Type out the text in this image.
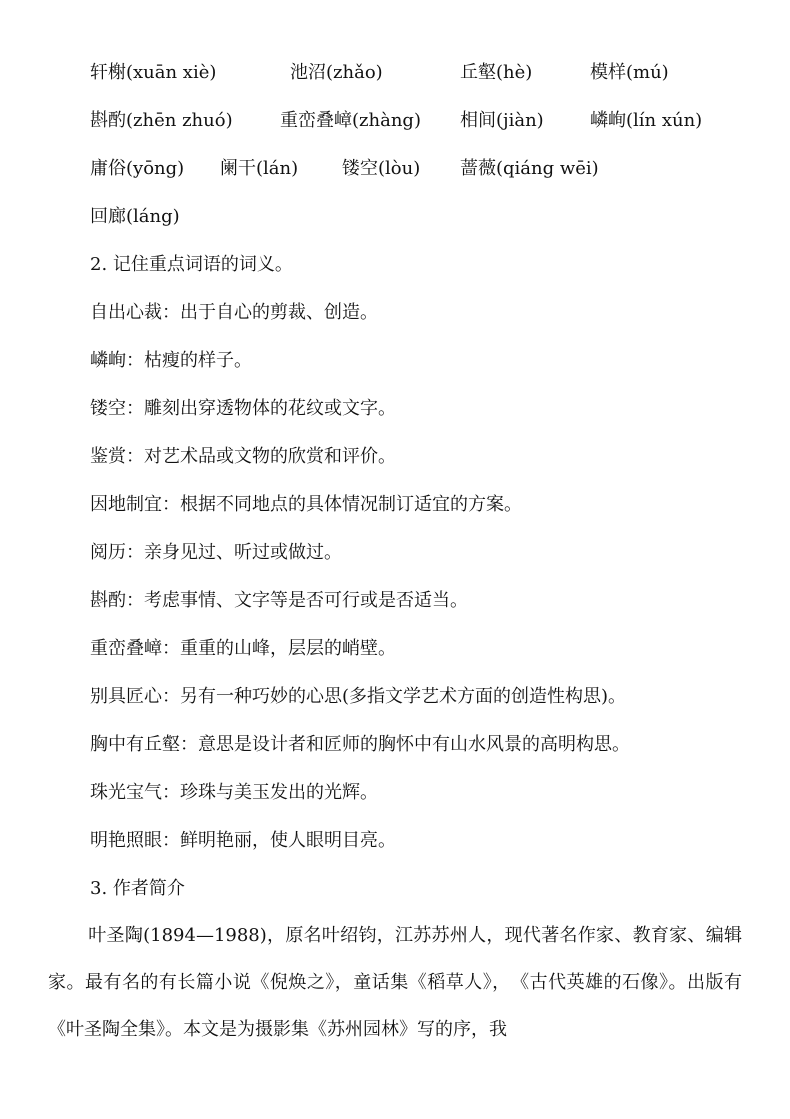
轩榭(xuān xiè)	池沼(zhǎo)	丘壑(hè)	模样(mú)
斟酌(zhēn zhuó)	重峦叠嶂(zhàng) 相间(jiàn)	嶙峋(lín xún)
庸俗(yōng) 阑干(lán) 镂空(lòu) 蔷薇(qiáng wēi)
回廊(láng)
2. 记住重点词语的词义。
自出心裁：出于自心的剪裁、创造。
嶙峋：枯瘦的样子。
镂空：雕刻出穿透物体的花纹或文字。
鉴赏：对艺术品或文物的欣赏和评价。
因地制宜：根据不同地点的具体情况制订适宜的方案。
阅历：亲身见过、听过或做过。
斟酌：考虑事情、文字等是否可行或是否适当。
重峦叠嶂：重重的山峰，层层的峭壁。
别具匠心：另有一种巧妙的心思(多指文学艺术方面的创造性构思)。
胸中有丘壑：意思是设计者和匠师的胸怀中有山水风景的高明构思。
珠光宝气：珍珠与美玉发出的光辉。
明艳照眼：鲜明艳丽，使人眼明目亮。
3. 作者简介
叶圣陶(1894—1988)，原名叶绍钧，江苏苏州人，现代著名作家、教育家、编辑家。最有名的有长篇小说《倪焕之》，童话集《稻草人》，　《古代英雄的石像》。出版有《叶圣陶全集》。本文是为摄影集《苏州园林》写的序，我
